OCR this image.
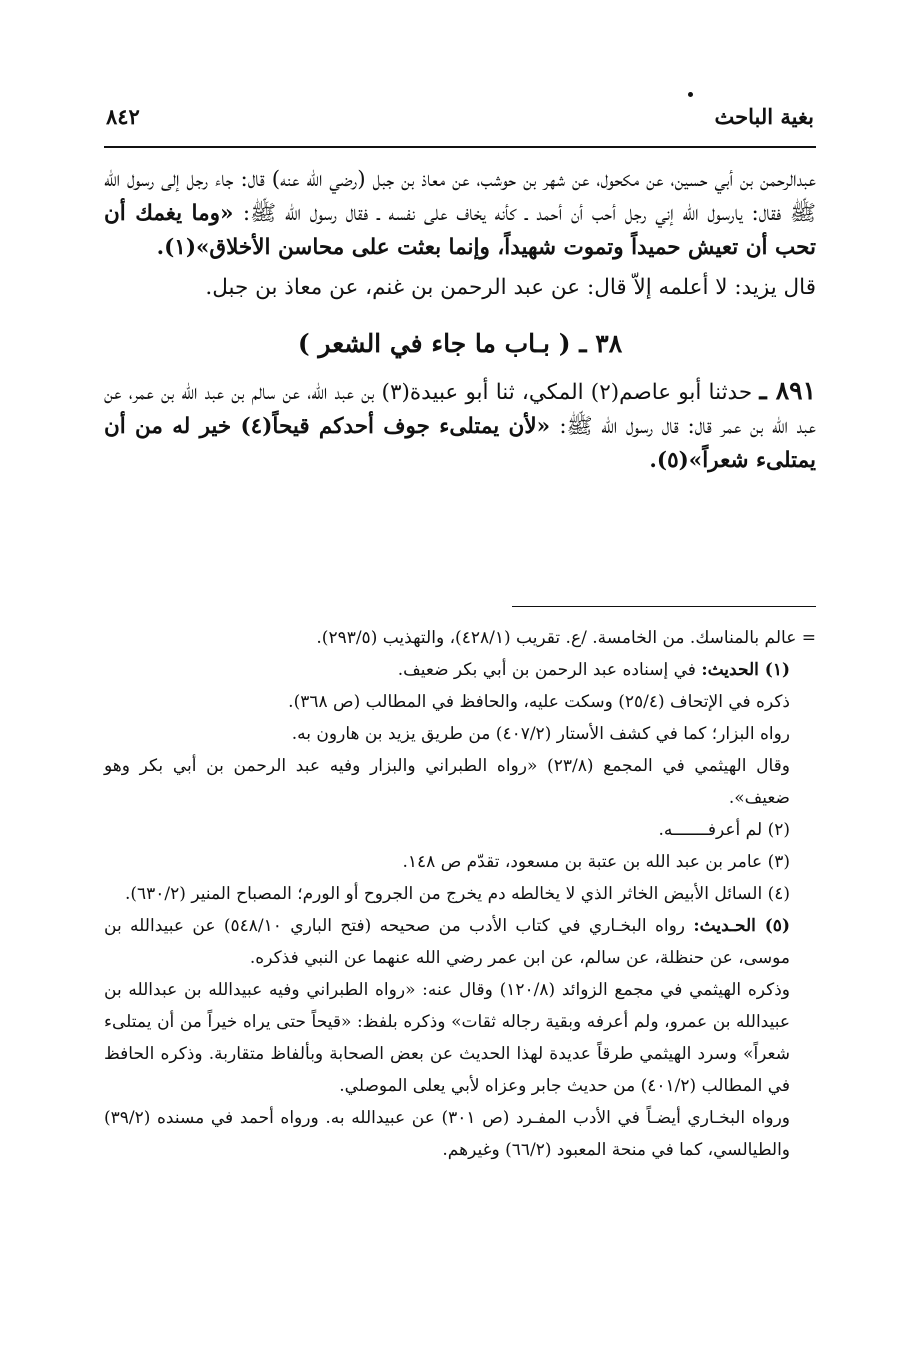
بغية الباحث
٨٤٢

عبدالرحمن بن أبي حسين، عن مكحول، عن شهر بن حوشب، عن معاذ بن جبل (رضي الله عنه) قال: جاء رجل إلى رسول الله ﷺ فقال: يارسول الله إني رجل أحب أن أحمد ـ كأنه يخاف على نفسه ـ فقال رسول الله ﷺ: «وما يغمك أن تحب أن تعيش حميداً وتموت شهيداً، وإنما بعثت على محاسن الأخلاق»(١).

قال يزيد: لا أعلمه إلاّ قال: عن عبد الرحمن بن غنم، عن معاذ بن جبل.

٣٨ ـ ( بـاب ما جاء في الشعر )

٨٩١ ـ حدثنا أبو عاصم(٢) المكي، ثنا أبو عبيدة(٣) بن عبد الله، عن سالم بن عبد الله بن عمر، عن عبد الله بن عمر قال: قال رسول الله ﷺ: «لأن يمتلىء جوف أحدكم قيحاً(٤) خير له من أن يمتلىء شعراً»(٥).

= عالم بالمناسك. من الخامسة. /ع. تقريب (٤٢٨/١)، والتهذيب (٢٩٣/٥).

(١) الحديث: في إسناده عبد الرحمن بن أبي بكر ضعيف.

ذكره في الإتحاف (٢٥/٤) وسكت عليه، والحافظ في المطالب (ص ٣٦٨).

رواه البزار؛ كما في كشف الأستار (٤٠٧/٢) من طريق يزيد بن هارون به.

وقال الهيثمي في المجمع (٢٣/٨) «رواه الطبراني والبزار وفيه عبد الرحمن بن أبي بكر وهو ضعيف».

(٢) لم أعرفـــــــه.

(٣) عامر بن عبد الله بن عتبة بن مسعود، تقدّم ص ١٤٨.

(٤) السائل الأبيض الخاثر الذي لا يخالطه دم يخرج من الجروح أو الورم؛ المصباح المنير (٦٣٠/٢).

(٥) الحـديث: رواه البخـاري في كتاب الأدب من صحيحه (فتح الباري ٥٤٨/١٠) عن عبيدالله بن موسى، عن حنظلة، عن سالم، عن ابن عمر رضي الله عنهما عن النبي فذكره.

وذكره الهيثمي في مجمع الزوائد (١٢٠/٨) وقال عنه: «رواه الطبراني وفيه عبيدالله بن عبدالله بن عبيدالله بن عمرو، ولم أعرفه وبقية رجاله ثقات» وذكره بلفظ: «قيحاً حتى يراه خيراً من أن يمتلىء شعراً» وسرد الهيثمي طرقاً عديدة لهذا الحديث عن بعض الصحابة وبألفاظ متقاربة. وذكره الحافظ في المطالب (٤٠١/٢) من حديث جابر وعزاه لأبي يعلى الموصلي.

ورواه البخـاري أيضـاً في الأدب المفـرد (ص ٣٠١) عن عبيدالله به. ورواه أحمد في مسنده (٣٩/٢) والطيالسي، كما في منحة المعبود (٦٦/٢) وغيرهم.
